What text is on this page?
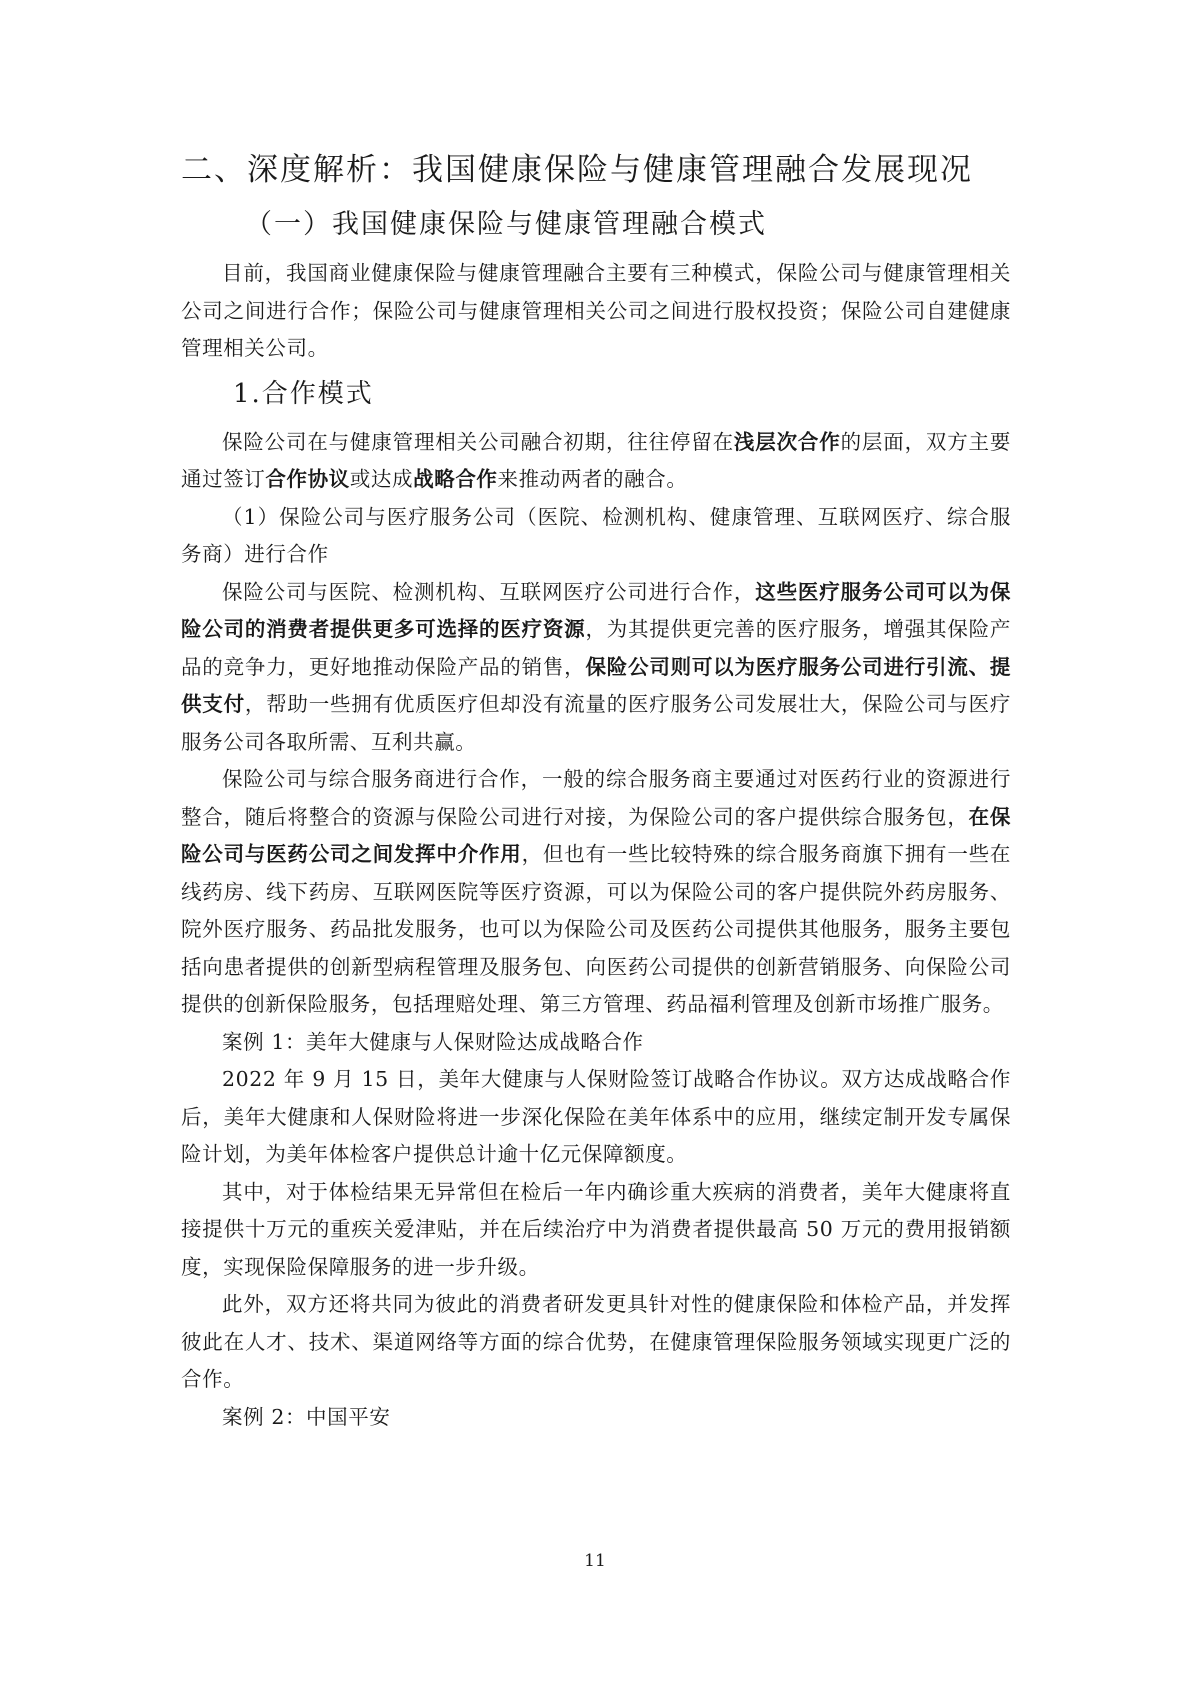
二、深度解析：我国健康保险与健康管理融合发展现况
（一）我国健康保险与健康管理融合模式

目前，我国商业健康保险与健康管理融合主要有三种模式，保险公司与健康管理相关公司之间进行合作；保险公司与健康管理相关公司之间进行股权投资；保险公司自建健康管理相关公司。

1.合作模式

保险公司在与健康管理相关公司融合初期，往往停留在浅层次合作的层面，双方主要通过签订合作协议或达成战略合作来推动两者的融合。

（1）保险公司与医疗服务公司（医院、检测机构、健康管理、互联网医疗、综合服务商）进行合作

保险公司与医院、检测机构、互联网医疗公司进行合作，这些医疗服务公司可以为保险公司的消费者提供更多可选择的医疗资源，为其提供更完善的医疗服务，增强其保险产品的竞争力，更好地推动保险产品的销售，保险公司则可以为医疗服务公司进行引流、提供支付，帮助一些拥有优质医疗但却没有流量的医疗服务公司发展壮大，保险公司与医疗服务公司各取所需、互利共赢。

保险公司与综合服务商进行合作，一般的综合服务商主要通过对医药行业的资源进行整合，随后将整合的资源与保险公司进行对接，为保险公司的客户提供综合服务包，在保险公司与医药公司之间发挥中介作用，但也有一些比较特殊的综合服务商旗下拥有一些在线药房、线下药房、互联网医院等医疗资源，可以为保险公司的客户提供院外药房服务、院外医疗服务、药品批发服务，也可以为保险公司及医药公司提供其他服务，服务主要包括向患者提供的创新型病程管理及服务包、向医药公司提供的创新营销服务、向保险公司提供的创新保险服务，包括理赔处理、第三方管理、药品福利管理及创新市场推广服务。

案例 1：美年大健康与人保财险达成战略合作

2022 年 9 月 15 日，美年大健康与人保财险签订战略合作协议。双方达成战略合作后，美年大健康和人保财险将进一步深化保险在美年体系中的应用，继续定制开发专属保险计划，为美年体检客户提供总计逾十亿元保障额度。

其中，对于体检结果无异常但在检后一年内确诊重大疾病的消费者，美年大健康将直接提供十万元的重疾关爱津贴，并在后续治疗中为消费者提供最高 50 万元的费用报销额度，实现保险保障服务的进一步升级。

此外，双方还将共同为彼此的消费者研发更具针对性的健康保险和体检产品，并发挥彼此在人才、技术、渠道网络等方面的综合优势，在健康管理保险服务领域实现更广泛的合作。

案例 2：中国平安

11
